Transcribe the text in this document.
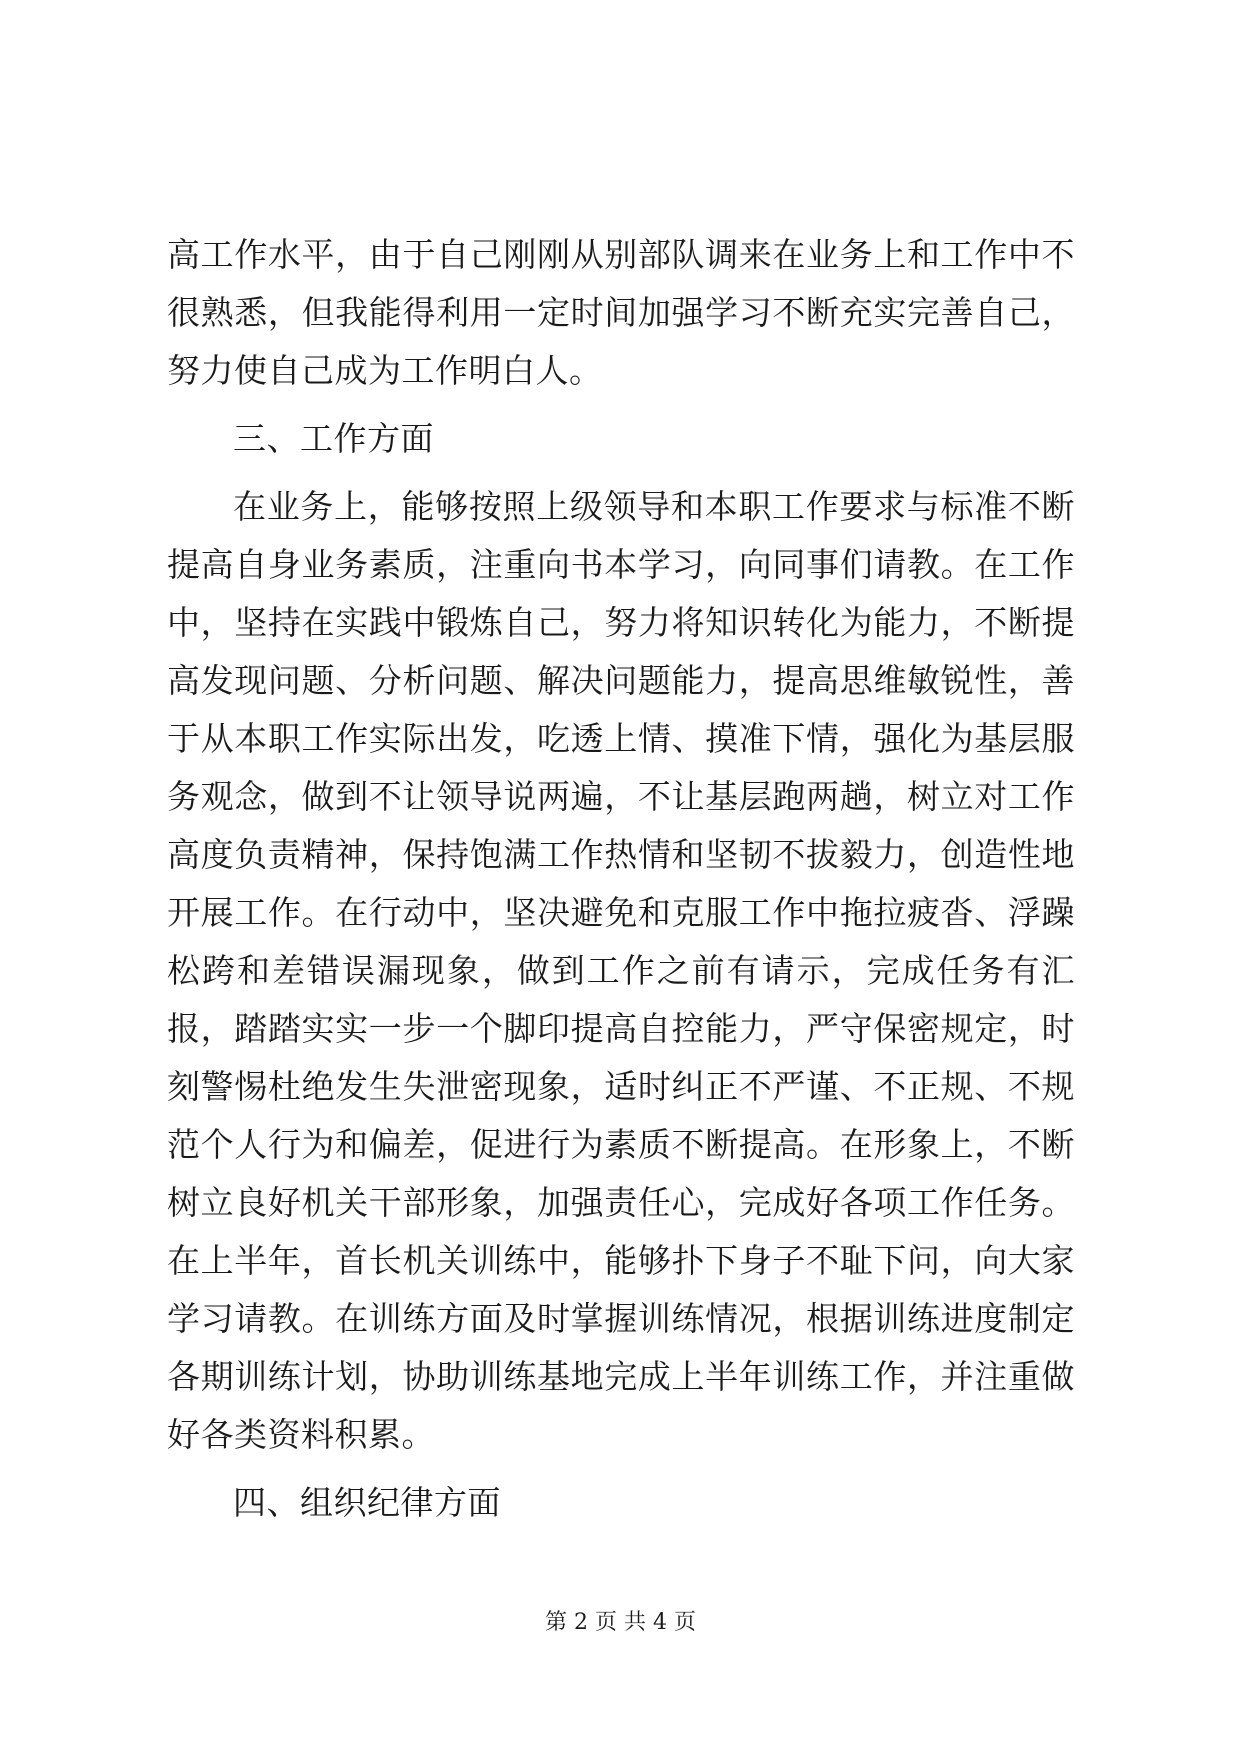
高工作水平，由于自己刚刚从别部队调来在业务上和工作中不很熟悉，但我能得利用一定时间加强学习不断充实完善自己，努力使自己成为工作明白人。

三、工作方面

在业务上，能够按照上级领导和本职工作要求与标准不断提高自身业务素质，注重向书本学习，向同事们请教。在工作中，坚持在实践中锻炼自己，努力将知识转化为能力，不断提高发现问题、分析问题、解决问题能力，提高思维敏锐性，善于从本职工作实际出发，吃透上情、摸准下情，强化为基层服务观念，做到不让领导说两遍，不让基层跑两趟，树立对工作高度负责精神，保持饱满工作热情和坚韧不拔毅力，创造性地开展工作。在行动中，坚决避免和克服工作中拖拉疲沓、浮躁松跨和差错误漏现象，做到工作之前有请示，完成任务有汇报，踏踏实实一步一个脚印提高自控能力，严守保密规定，时刻警惕杜绝发生失泄密现象，适时纠正不严谨、不正规、不规范个人行为和偏差，促进行为素质不断提高。在形象上，不断树立良好机关干部形象，加强责任心，完成好各项工作任务。在上半年，首长机关训练中，能够扑下身子不耻下问，向大家学习请教。在训练方面及时掌握训练情况，根据训练进度制定各期训练计划，协助训练基地完成上半年训练工作，并注重做好各类资料积累。

四、组织纪律方面

第 2 页 共 4 页
